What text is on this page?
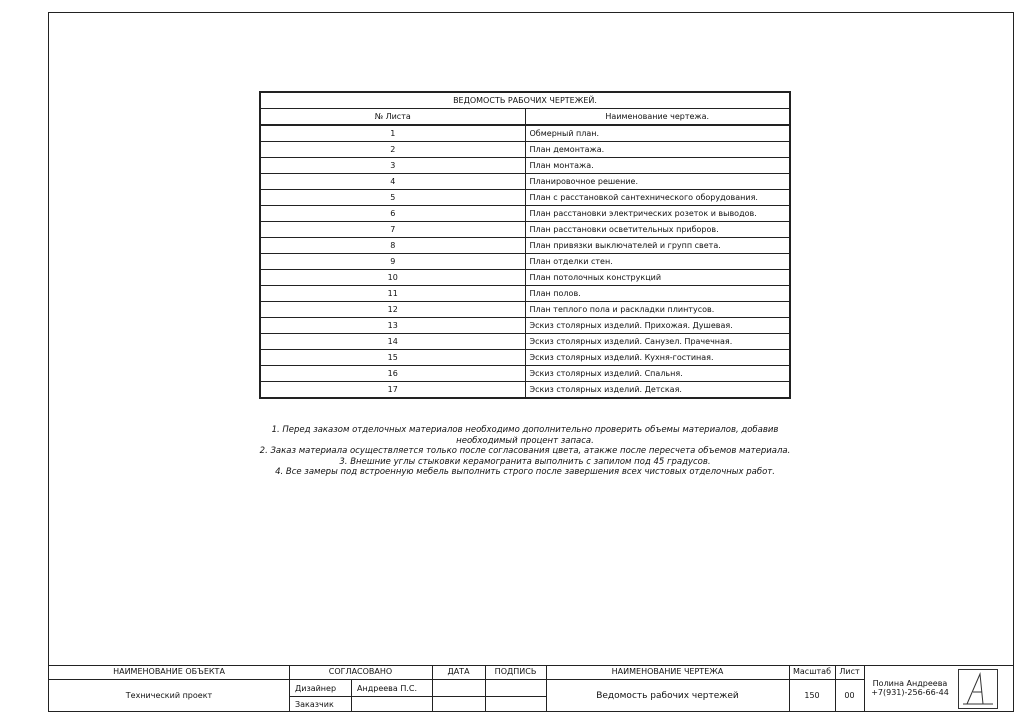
ВЕДОМОСТЬ РАБОЧИХ ЧЕРТЕЖЕЙ.	
№ Листа	Наименование чертежа.
1	Обмерный план.
2	План демонтажа.
3	План монтажа.
4	Планировочное решение.
5	План с расстановкой сантехнического оборудования.
6	План расстановки электрических розеток и выводов.
7	План расстановки осветительных приборов.
8	План привязки выключателей и групп света.
9	План отделки стен.
10	План потолочных конструкций
11	План полов.
12	План теплого пола и раскладки плинтусов.
13	Эскиз столярных изделий. Прихожая. Душевая.
14	Эскиз столярных изделий. Санузел. Прачечная.
15	Эскиз столярных изделий. Кухня-гостиная.
16	Эскиз столярных изделий. Спальня.
17	Эскиз столярных изделий. Детская.
1. Перед заказом отделочных материалов необходимо дополнительно проверить объемы материалов, добавив необходимый процент запаса.
2. Заказ материала осуществляется только после согласования цвета, атакже после пересчета объемов материала.
3. Внешние углы стыковки керамогранита выполнить с запилом под 45 градусов.
4. Все замеры под встроенную мебель выполнить строго после завершения всех чистовых отделочных работ.
НАИМЕНОВАНИЕ ОБЪЕКТА
Технический проект
СОГЛАСОВАНО
Дизайнер	Андреева П.С.
Заказчик
ДАТА	ПОДПИСЬ	НАИМЕНОВАНИЕ ЧЕРТЕЖА
Ведомость рабочих чертежей
Масштаб
150
Лист
00
Полина Андреева
+7(931)-256-66-44
